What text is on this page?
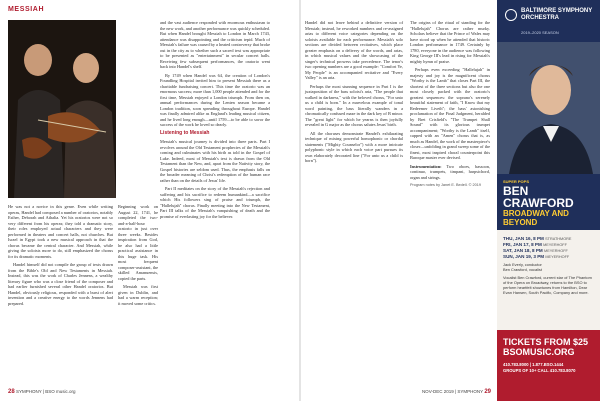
MESSIAH

He was not a novice in this genre. Even while writing operas, Handel had composed a number of oratorios, notably Esther, Deborah and Athalia. Yet his oratorios were not so very different from his operas; they told a dramatic story, their roles employed actual characters and they were performed in theaters and concert halls, not churches. But Israel in Egypt took a new musical approach in that the chorus became the central character. And Messiah, while giving the soloists more to do, still emphasized the chorus for its dramatic moments.

Handel himself did not compile the group of texts drawn from the Bible's Old and New Testaments in Messiah. Instead, this was the work of Charles Jennens, a wealthy literary figure who was a close friend of the composer and had earlier furnished several other Handel oratorios. But Handel, obviously religious, responded with a burst of alert invention and a creative energy to the words Jennens had prepared.

Beginning work on August 22, 1741, he completed the two-and-a-half-hour oratorio in just over three weeks. Besides inspiration from God, he also had a little practical assistance in this huge task. His most frequent composer-assistant, the skilled Amanuensis, copied the parts.

Messiah was first given in Dublin, and had a warm reception; it moved some critics.

and the vast audience responded with enormous enthusiasm to the new work, and another performance was quickly scheduled. But when Handel brought Messiah to London in March 1743, attendance was disappointing and the criticism tepid. Much of Messiah's failure was caused by a heated controversy that broke out in the city as to whether such a sacred text was appropriate to be presented as "entertainment" in secular concert halls. Receiving few subsequent performances, the oratorio went back into Handel's shelf.

By 1749 when Handel was 64, the creation of London's Foundling Hospital invited him to present Messiah there as a charitable fundraising concert. This time the oratorio was an enormous success; more than 1,000 people attended and for the first time, Messiah enjoyed a London triumph. From then on, annual performances during the Lenten season became a London tradition, soon spreading throughout Europe. Handel was finally admired alike as England's leading musical citizen, and he lived long enough—until 1759—to be able to savor the success of the work he loved so dearly.

Listening to Messiah

Messiah's musical journey is divided into three parts. Part I revolves around the Old Testament prophecies of the Messiah's coming and culminates with his birth as told in the Gospel of Luke. Indeed, most of Messiah's text is drawn from the Old Testament than the New, and, apart from the Nativity story, the Gospel histories are seldom used. Thus, the emphasis falls on the broader meaning of Christ's redemption of the human race rather than on the details of Jesus' life.

Part II meditates on the story of the Messiah's rejection and suffering and his sacrifice to redeem humankind—a sacrifice which His followers sing of praise and triumph, the "Hallelujah" chorus. Finally meeting into the New Testament, Part III talks of the Messiah's vanquishing of death and the promise of everlasting joy for the believer.

Handel did not leave behind a definitive version of Messiah; instead, he reworked numbers and re-assigned arias to different voice categories depending on the soloists available for each performance. Messiah's solo sections are divided between recitatives, which place greater emphasis on a delivery of the words, and arias, in which musical values and the showcasing of the singer's technical prowess take precedence. The tenor's two opening numbers are a good example: "Comfort Ye, My People" is an accompanied recitative and "Every Valley" is an aria.

Perhaps the most stunning sequence in Part I is the juxtaposition of the bass soloist's aria, "The people that walked in darkness," with the beloved chorus, "For unto us a child is born." In a marvelous example of tonal word painting, the bass literally wanders in a chromatically confused maze in the dark key of B minor. The "great light" for which he yearns is then joyfully revealed in G major as the chorus salutes Jesus' birth.

All the choruses demonstrate Handel's exhilarating technique of mixing powerful homophonic or chordal statements ("Mighty Counselor") with a more intricate polyphonic style in which each voice part pursues its own elaborately decorated line ("For unto us a child is born").

The origins of the ritual of standing for the "Hallelujah" Chorus are rather murky. Scholars believe that the Prince of Wales may have stood up when he attended that historic London performance in 1749. Certainly by 1780, everyone in the audience was following King George III's lead in rising for Messiah's mighty hymn of praise.

Perhaps even exceeding "Hallelujah" in majesty and joy is the magnificent chorus "Worthy is the Lamb" that closes Part III, the shortest of the three sections but also the one most closely packed with the oratorio's greatest sequences: the soprano's serenely beautiful statement of faith, "I Know that my Redeemer Liveth"; the bass' astonishing proclamation of the Final Judgment, heralded by Bret Crisfield's "The Trumpet Shall Sound" with its glorious trumpet accompaniment; "Worthy is the Lamb" itself, capped with an "Amen" chorus that is, as much as Handel, the work of the masterpiece's closer—unfolding in grand sweep some of the finest, most inspired choral counterpoint this Baroque master ever devised.

Instrumentation: Two oboes, bassoon, continuo, trumpets, timpani, harpsichord, organ and strings.

Program notes by Janet E. Bedell. © 2019

28 SYMPHONY | BSO music.org	NOV-DEC 2019 | SYMPHONY 29
BALTIMORE SYMPHONY ORCHESTRA
2019–2020 SEASON
SUPER POPS
BEN CRAWFORD
BROADWAY AND BEYOND
THU, JAN 16, 8 PM STRATHMORE
FRI, JAN 17, 8 PM MEYERHOFF
SAT, JAN 18, 8 PM MEYERHOFF
SUN, JAN 19, 3 PM MEYERHOFF
Jack Everly, conductor
Ben Crawford, vocalist
Vocalist Ben Crawford, current star of The Phantom of the Opera on Broadway, returns to the BSO to perform heartfelt showtunes from Hamilton, Dear Evan Hansen, South Pacific, Company and more.
TICKETS FROM $25 BSOMUSIC.ORG
410.783.8000 | 1.877.BSO.1444
GROUPS OF 10+ CALL 410.783.8070
